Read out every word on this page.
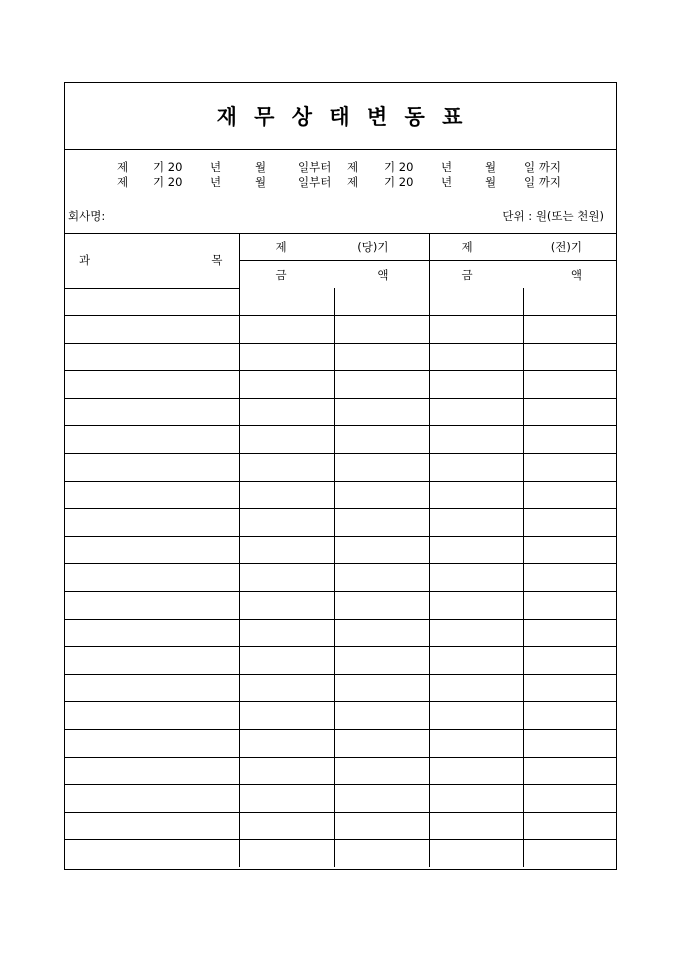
재 무 상 태 변 동 표
제 기 20 년	월	일부터 제 기 20 년	월 일 까지
제 기 20 년	월	일부터 제 기 20 년	월 일 까지
회사명:	단위 : 원(또는 천원)
과 목	제 (당)기		제 (전)기	

	금 액		금 액	
